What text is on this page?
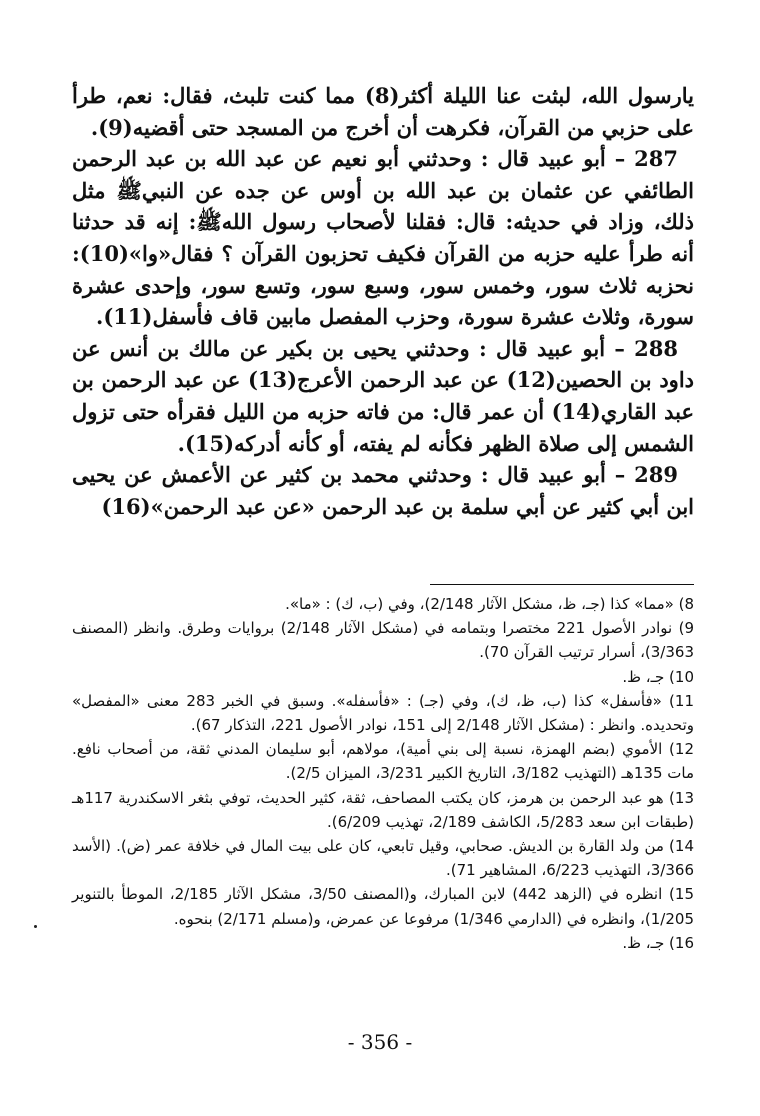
يارسول الله، لبثت عنا الليلة أكثر(8) مما كنت تلبث، فقال: نعم، طرأ على حزبي من القرآن، فكرهت أن أخرج من المسجد حتى أقضيه(9).

287 – أبو عبيد قال : وحدثني أبو نعيم عن عبد الله بن عبد الرحمن الطائفي عن عثمان بن عبد الله بن أوس عن جده عن النبيﷺ مثل ذلك، وزاد في حديثه: قال: فقلنا لأصحاب رسول اللهﷺ: إنه قد حدثنا أنه طرأ عليه حزبه من القرآن فكيف تحزبون القرآن ؟ فقال«وا»(10): نحزبه ثلاث سور، وخمس سور، وسبع سور، وتسع سور، وإحدى عشرة سورة، وثلاث عشرة سورة، وحزب المفصل مابين قاف فأسفل(11).

288 – أبو عبيد قال : وحدثني يحيى بن بكير عن مالك بن أنس عن داود بن الحصين(12) عن عبد الرحمن الأعرج(13) عن عبد الرحمن بن عبد القاري(14) أن عمر قال: من فاته حزبه من الليل فقرأه حتى تزول الشمس إلى صلاة الظهر فكأنه لم يفته، أو كأنه أدركه(15).

289 – أبو عبيد قال : وحدثني محمد بن كثير عن الأعمش عن يحيى ابن أبي كثير عن أبي سلمة بن عبد الرحمن «عن عبد الرحمن»(16)

8) «مما» كذا (جـ، ظ، مشكل الآثار 2/148)، وفي (ب، ك) : «ما».

9) نوادر الأصول 221 مختصرا وبتمامه في (مشكل الآثار 2/148) بروايات وطرق. وانظر (المصنف 3/363)، أسرار ترتيب القرآن 70).

10) جـ، ظ.

11) «فأسفل» كذا (ب، ظ، ك)، وفي (جـ) : «فأسفله». وسبق في الخبر 283 معنى «المفصل» وتحديده. وانظر : (مشكل الآثار 2/148 إلى 151، نوادر الأصول 221، التذكار 67).

12) الأموي (بضم الهمزة، نسبة إلى بني أمية)، مولاهم، أبو سليمان المدني ثقة، من أصحاب نافع. مات 135هـ (التهذيب 3/182، التاريخ الكبير 3/231، الميزان 2/5).

13) هو عبد الرحمن بن هرمز، كان يكتب المصاحف، ثقة، كثير الحديث، توفي بثغر الاسكندرية 117هـ (طبقات ابن سعد 5/283، الكاشف 2/189، تهذيب 6/209).

14) من ولد القارة بن الديش. صحابي، وقيل تابعي، كان على بيت المال في خلافة عمر (ض). (الأسد 3/366، التهذيب 6/223، المشاهير 71).

15) انظره في (الزهد 442) لابن المبارك، و(المصنف 3/50، مشكل الآثار 2/185، الموطأ بالتنوير 1/205)، وانظره في (الدارمي 1/346) مرفوعا عن عمرض، و(مسلم 2/171) بنحوه.

16) جـ، ظ.

- 356 -
